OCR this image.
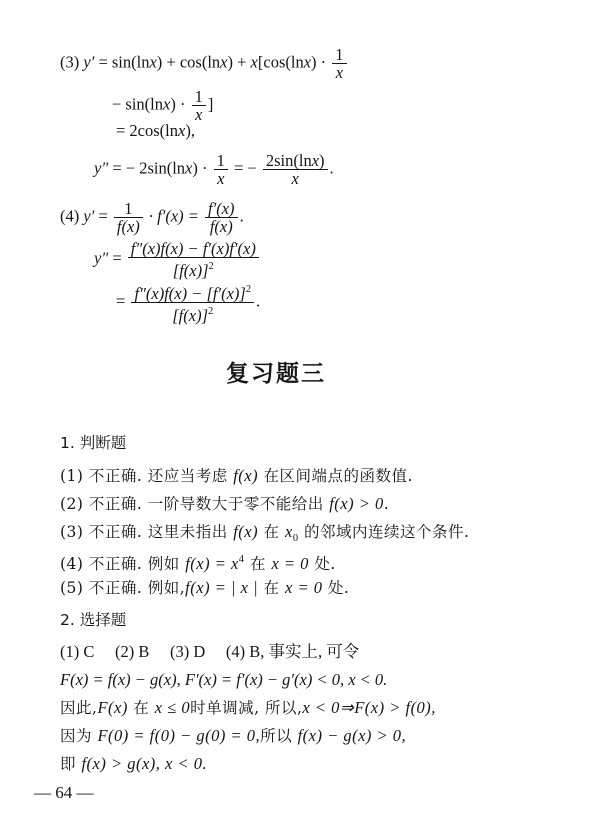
(3) $y' = \sin(\ln x) + \cos(\ln x) + x[\cos(\ln x) \cdot \frac{1}{x}$
− $\sin(\ln x) \cdot \frac{1}{x}$ ]
= 2cos(lnx),
y″ = − $2\sin(\ln x) \cdot \frac{1}{x}$ = − $\frac{2\sin(\ln x)}{x}$ .
(4) $y' = \frac{1}{f(x)} \cdot f'(x) = \frac{f'(x)}{f(x)}$ .
$y'' = \frac{f''(x)f(x) - f'(x)f'(x)}{[f(x)]^2}$
= $\frac{f''(x)f(x) - [f'(x)]^2}{[f(x)]^2}$ .
复习题三
1. 判断题
(1) 不正确. 还应当考虑 f(x) 在区间端点的函数值.
(2) 不正确. 一阶导数大于零不能给出 f(x) > 0.
(3) 不正确. 这里未指出 f(x) 在 $x_0$ 的邻域内连续这个条件.
(4) 不正确. 例如 $f(x) = x^4$ 在 x = 0 处.
(5) 不正确. 例如,f(x) = | x | 在 x = 0 处.
2. 选择题
(1) C     (2) B     (3) D     (4) B, 事实上, 可令
F(x) = f(x) − g(x), F′(x) = f′(x) − g′(x) < 0, x < 0.
因此,F(x) 在 x ≤ 0时单调减, 所以,x < 0⇒F(x) > f(0),
因为 F(0) = f(0) − g(0) = 0,所以 f(x) − g(x) > 0,
即 f(x) > g(x), x < 0.
— 64 —
